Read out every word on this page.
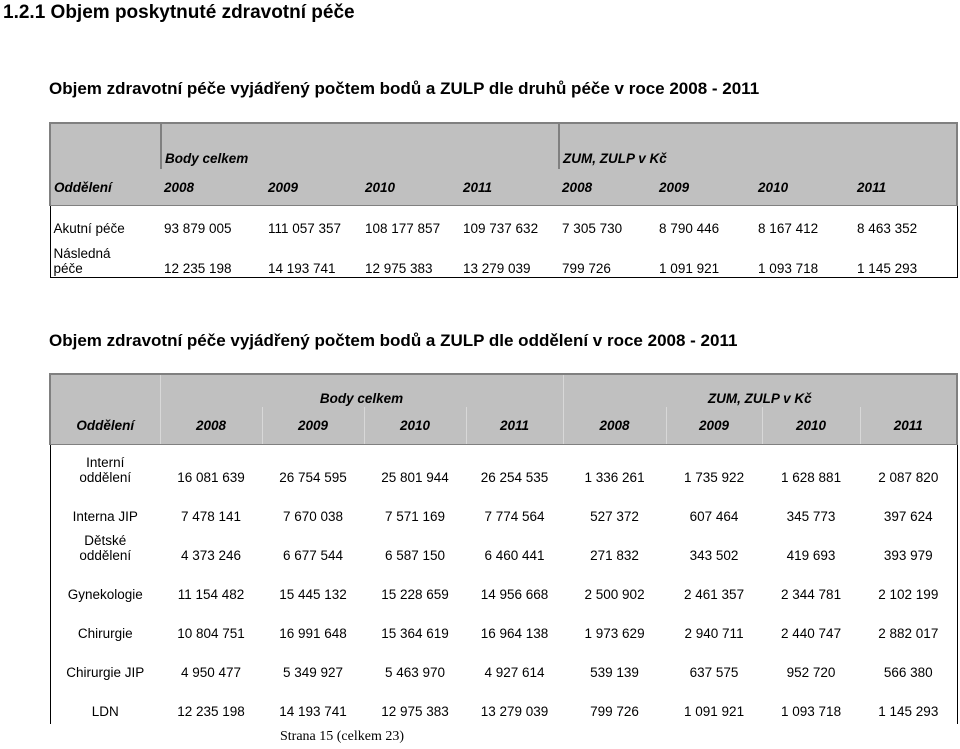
1.2.1 Objem poskytnuté zdravotní péče
Objem zdravotní péče vyjádřený počtem bodů a ZULP dle druhů péče v roce 2008 - 2011
	Body celkem				ZUM, ZULP v Kč			
Oddělení	2008	2009	2010	2011	2008	2009	2010	2011
Akutní péče	93 879 005	111 057 357	108 177 857	109 737 632	7 305 730	8 790 446	8 167 412	8 463 352
Následná
péče	12 235 198	14 193 741	12 975 383	13 279 039	799 726	1 091 921	1 093 718	1 145 293
Objem zdravotní péče vyjádřený počtem bodů a ZULP dle oddělení v roce 2008 - 2011
	Body celkem				ZUM, ZULP v Kč			
Oddělení	2008	2009	2010	2011	2008	2009	2010	2011
Interní
oddělení	16 081 639	26 754 595	25 801 944	26 254 535	1 336 261	1 735 922	1 628 881	2 087 820
Interna JIP	7 478 141	7 670 038	7 571 169	7 774 564	527 372	607 464	345 773	397 624
Dětské
oddělení	4 373 246	6 677 544	6 587 150	6 460 441	271 832	343 502	419 693	393 979
Gynekologie	11 154 482	15 445 132	15 228 659	14 956 668	2 500 902	2 461 357	2 344 781	2 102 199
Chirurgie	10 804 751	16 991 648	15 364 619	16 964 138	1 973 629	2 940 711	2 440 747	2 882 017
Chirurgie JIP	4 950 477	5 349 927	5 463 970	4 927 614	539 139	637 575	952 720	566 380
LDN	12 235 198	14 193 741	12 975 383	13 279 039	799 726	1 091 921	1 093 718	1 145 293
Strana 15 (celkem 23)
